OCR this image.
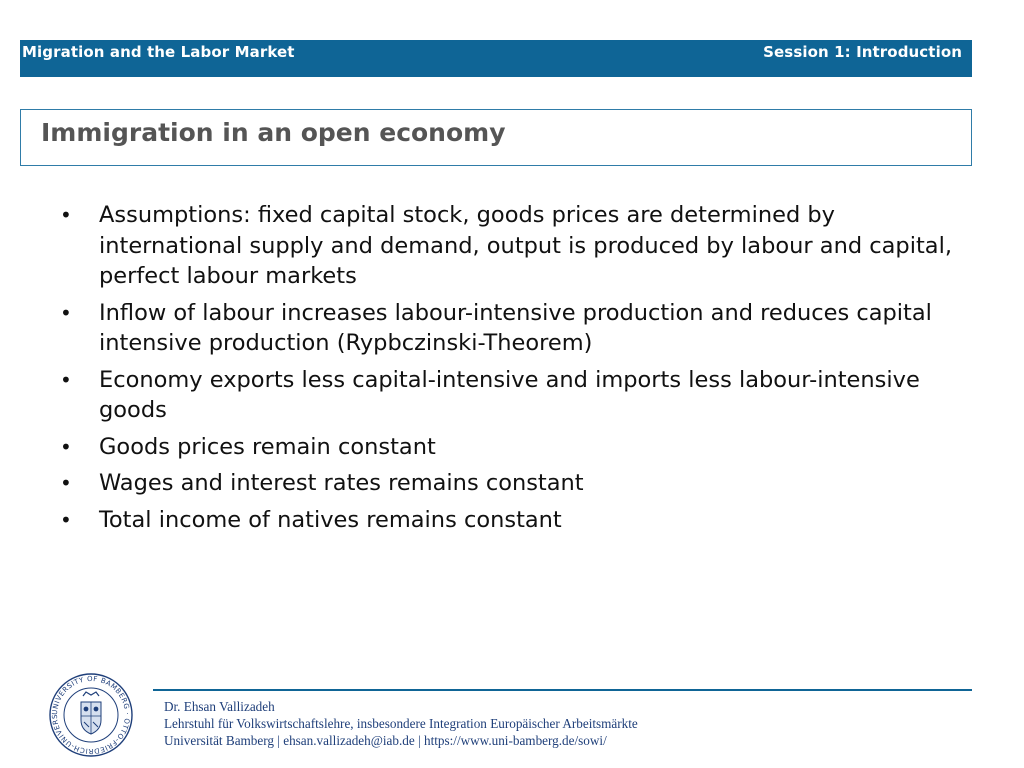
Migration and the Labor Market	Session 1: Introduction
Immigration in an open economy
• Assumptions: fixed capital stock, goods prices are determined by international supply and demand, output is produced by labour and capital, perfect labour markets
• Inflow of labour increases labour-intensive production and reduces capital intensive production (Rypbczinski-Theorem)
• Economy exports less capital-intensive and imports less labour-intensive goods
• Goods prices remain constant
• Wages and interest rates remains constant
• Total income of natives remains constant
UNIVERSITY OF BAMBERG · OTTO-FRIEDRICH-UNIVERS
Dr. Ehsan Vallizadeh
Lehrstuhl für Volkswirtschaftslehre, insbesondere Integration Europäischer Arbeitsmärkte
Universität Bamberg | ehsan.vallizadeh@iab.de | https://www.uni-bamberg.de/sowi/
